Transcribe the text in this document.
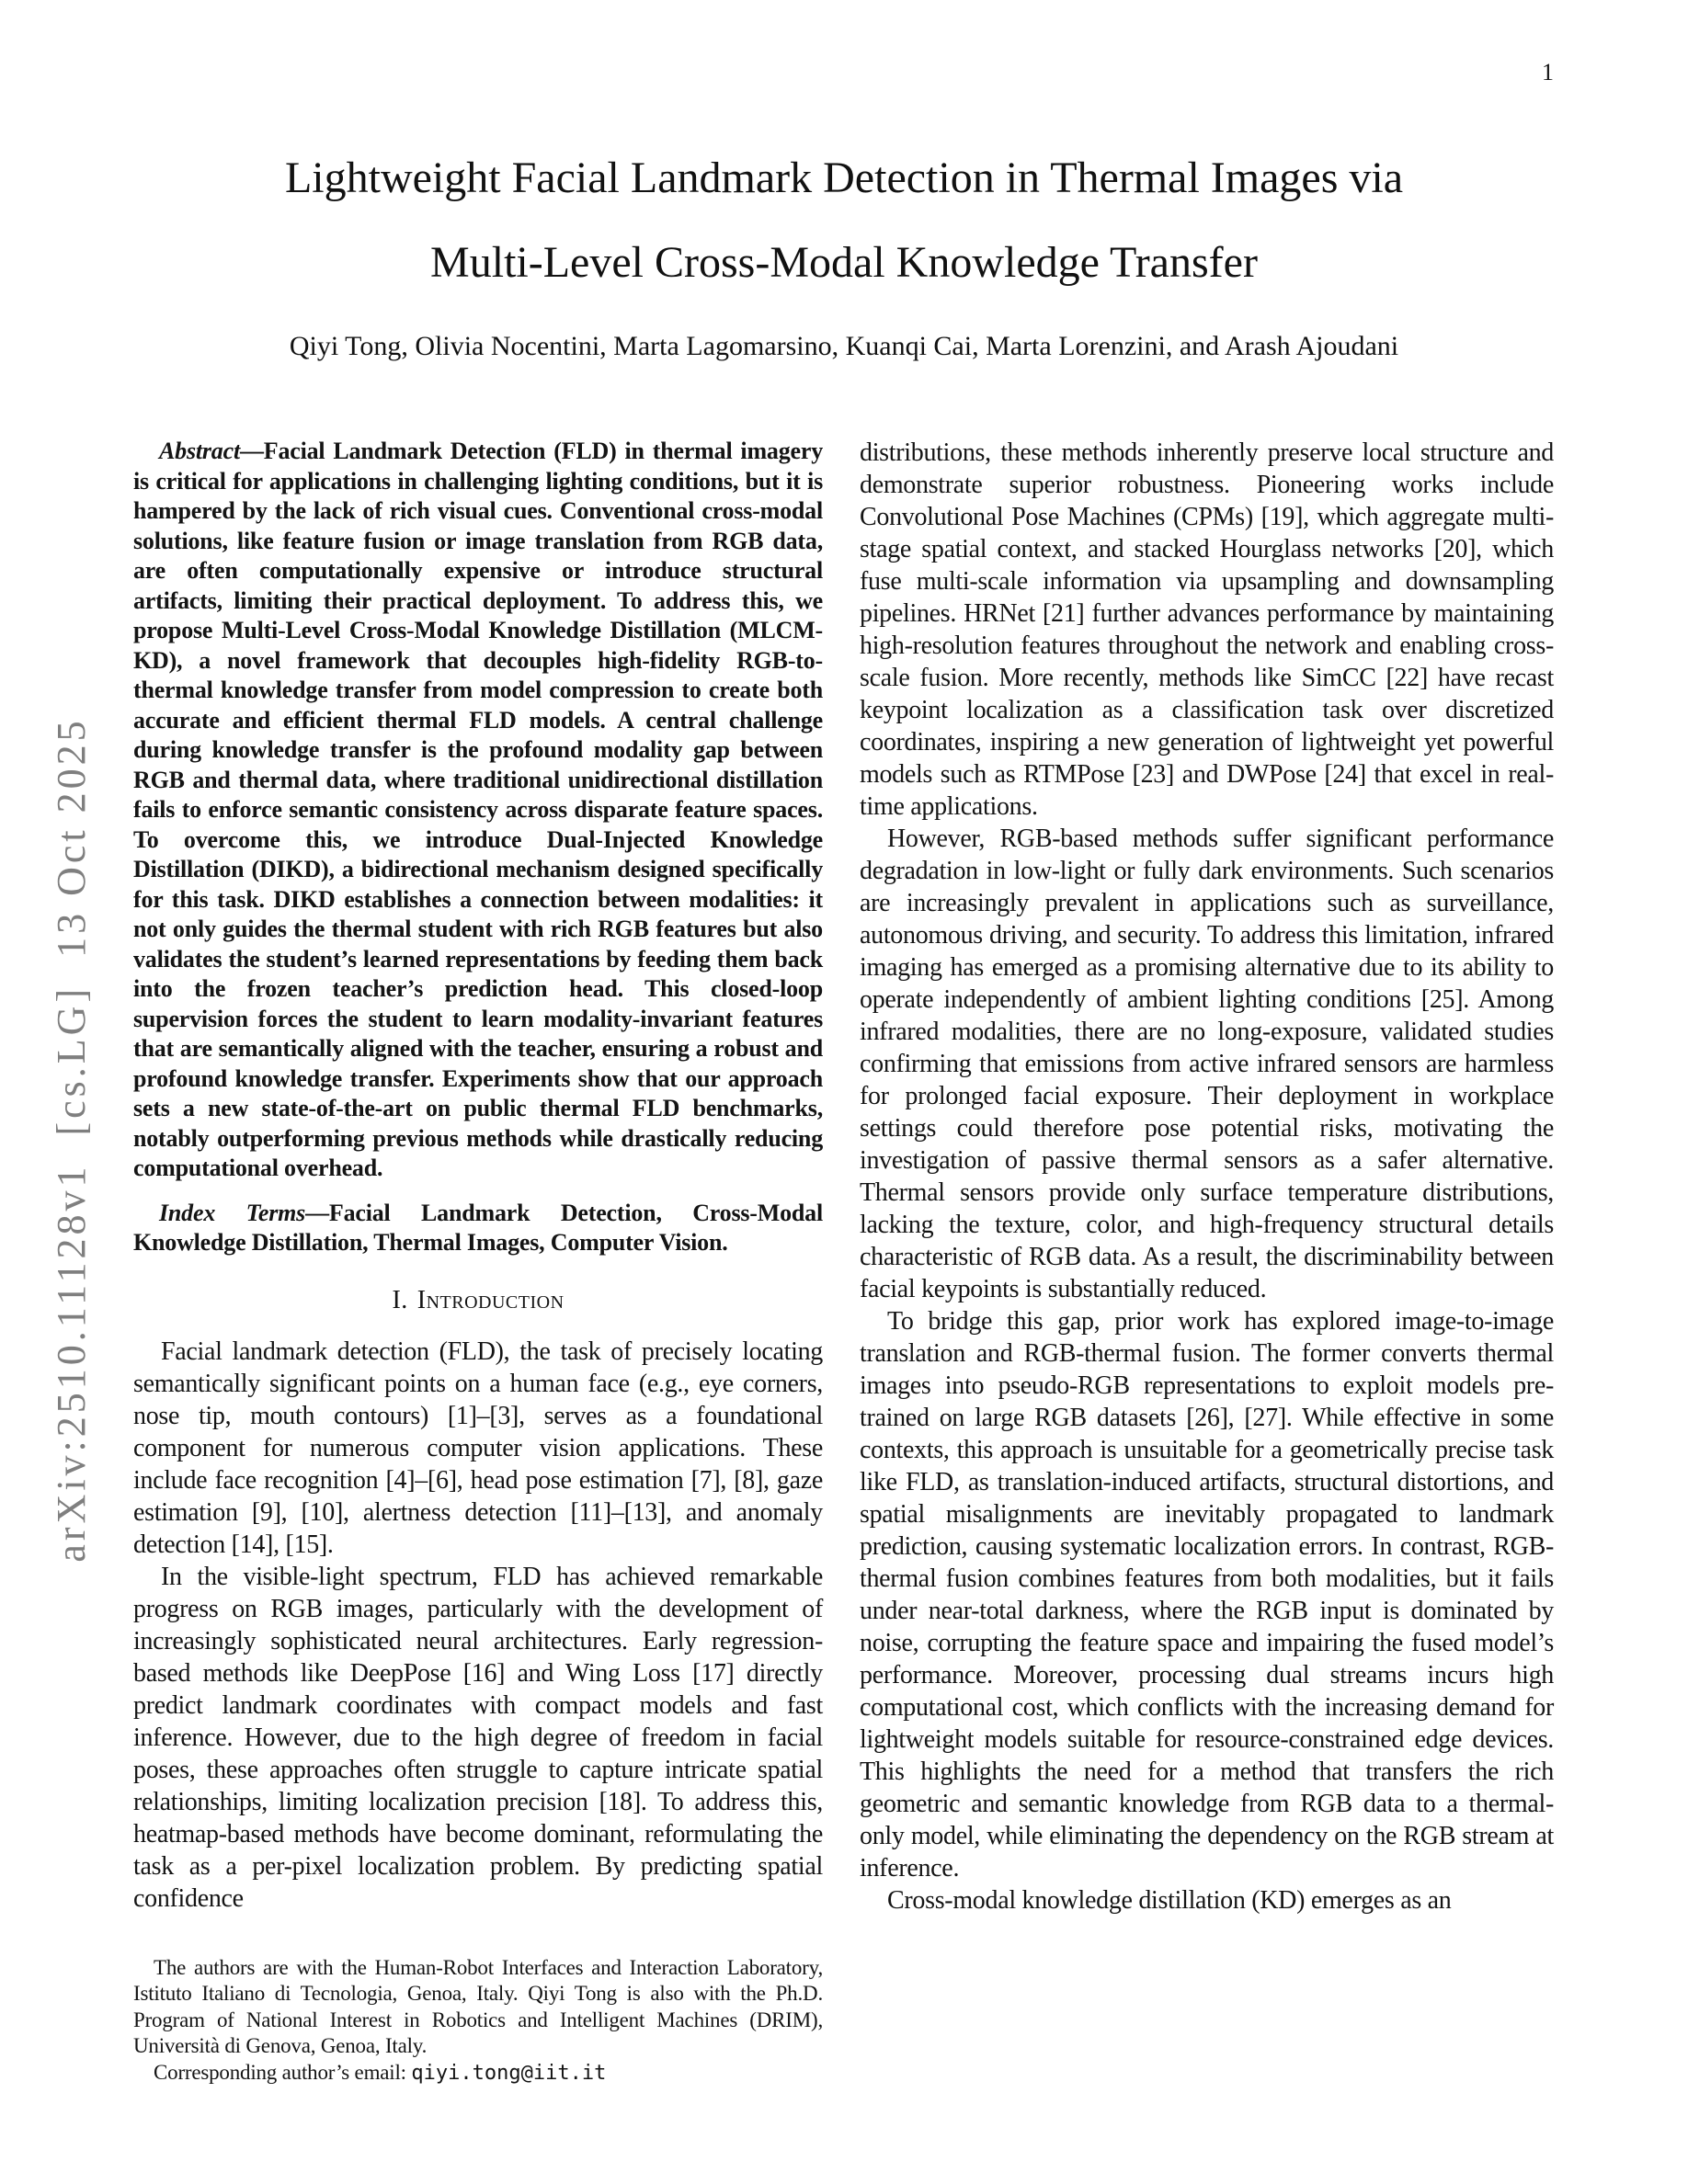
1
arXiv:2510.11128v1  [cs.LG]  13 Oct 2025
Lightweight Facial Landmark Detection in Thermal Images via
Multi-Level Cross-Modal Knowledge Transfer
Qiyi Tong, Olivia Nocentini, Marta Lagomarsino, Kuanqi Cai, Marta Lorenzini, and Arash Ajoudani

Abstract—Facial Landmark Detection (FLD) in thermal imagery is critical for applications in challenging lighting conditions, but it is hampered by the lack of rich visual cues. Conventional cross-modal solutions, like feature fusion or image translation from RGB data, are often computationally expensive or introduce structural artifacts, limiting their practical deployment. To address this, we propose Multi-Level Cross-Modal Knowledge Distillation (MLCM-KD), a novel framework that decouples high-fidelity RGB-to-thermal knowledge transfer from model compression to create both accurate and efficient thermal FLD models. A central challenge during knowledge transfer is the profound modality gap between RGB and thermal data, where traditional unidirectional distillation fails to enforce semantic consistency across disparate feature spaces. To overcome this, we introduce Dual-Injected Knowledge Distillation (DIKD), a bidirectional mechanism designed specifically for this task. DIKD establishes a connection between modalities: it not only guides the thermal student with rich RGB features but also validates the student’s learned representations by feeding them back into the frozen teacher’s prediction head. This closed-loop supervision forces the student to learn modality-invariant features that are semantically aligned with the teacher, ensuring a robust and profound knowledge transfer. Experiments show that our approach sets a new state-of-the-art on public thermal FLD benchmarks, notably outperforming previous methods while drastically reducing computational overhead.

Index Terms—Facial Landmark Detection, Cross-Modal Knowledge Distillation, Thermal Images, Computer Vision.

I. Introduction

Facial landmark detection (FLD), the task of precisely locating semantically significant points on a human face (e.g., eye corners, nose tip, mouth contours) [1]–[3], serves as a foundational component for numerous computer vision applications. These include face recognition [4]–[6], head pose estimation [7], [8], gaze estimation [9], [10], alertness detection [11]–[13], and anomaly detection [14], [15].

In the visible-light spectrum, FLD has achieved remarkable progress on RGB images, particularly with the development of increasingly sophisticated neural architectures. Early regression-based methods like DeepPose [16] and Wing Loss [17] directly predict landmark coordinates with compact models and fast inference. However, due to the high degree of freedom in facial poses, these approaches often struggle to capture intricate spatial relationships, limiting localization precision [18]. To address this, heatmap-based methods have become dominant, reformulating the task as a per-pixel localization problem. By predicting spatial confidence

The authors are with the Human-Robot Interfaces and Interaction Laboratory, Istituto Italiano di Tecnologia, Genoa, Italy. Qiyi Tong is also with the Ph.D. Program of National Interest in Robotics and Intelligent Machines (DRIM), Università di Genova, Genoa, Italy.

Corresponding author’s email: qiyi.tong@iit.it

distributions, these methods inherently preserve local structure and demonstrate superior robustness. Pioneering works include Convolutional Pose Machines (CPMs) [19], which aggregate multi-stage spatial context, and stacked Hourglass networks [20], which fuse multi-scale information via upsampling and downsampling pipelines. HRNet [21] further advances performance by maintaining high-resolution features throughout the network and enabling cross-scale fusion. More recently, methods like SimCC [22] have recast keypoint localization as a classification task over discretized coordinates, inspiring a new generation of lightweight yet powerful models such as RTMPose [23] and DWPose [24] that excel in real-time applications.

However, RGB-based methods suffer significant performance degradation in low-light or fully dark environments. Such scenarios are increasingly prevalent in applications such as surveillance, autonomous driving, and security. To address this limitation, infrared imaging has emerged as a promising alternative due to its ability to operate independently of ambient lighting conditions [25]. Among infrared modalities, there are no long-exposure, validated studies confirming that emissions from active infrared sensors are harmless for prolonged facial exposure. Their deployment in workplace settings could therefore pose potential risks, motivating the investigation of passive thermal sensors as a safer alternative. Thermal sensors provide only surface temperature distributions, lacking the texture, color, and high-frequency structural details characteristic of RGB data. As a result, the discriminability between facial keypoints is substantially reduced.

To bridge this gap, prior work has explored image-to-image translation and RGB-thermal fusion. The former converts thermal images into pseudo-RGB representations to exploit models pre-trained on large RGB datasets [26], [27]. While effective in some contexts, this approach is unsuitable for a geometrically precise task like FLD, as translation-induced artifacts, structural distortions, and spatial misalignments are inevitably propagated to landmark prediction, causing systematic localization errors. In contrast, RGB-thermal fusion combines features from both modalities, but it fails under near-total darkness, where the RGB input is dominated by noise, corrupting the feature space and impairing the fused model’s performance. Moreover, processing dual streams incurs high computational cost, which conflicts with the increasing demand for lightweight models suitable for resource-constrained edge devices. This highlights the need for a method that transfers the rich geometric and semantic knowledge from RGB data to a thermal-only model, while eliminating the dependency on the RGB stream at inference.

Cross-modal knowledge distillation (KD) emerges as an
